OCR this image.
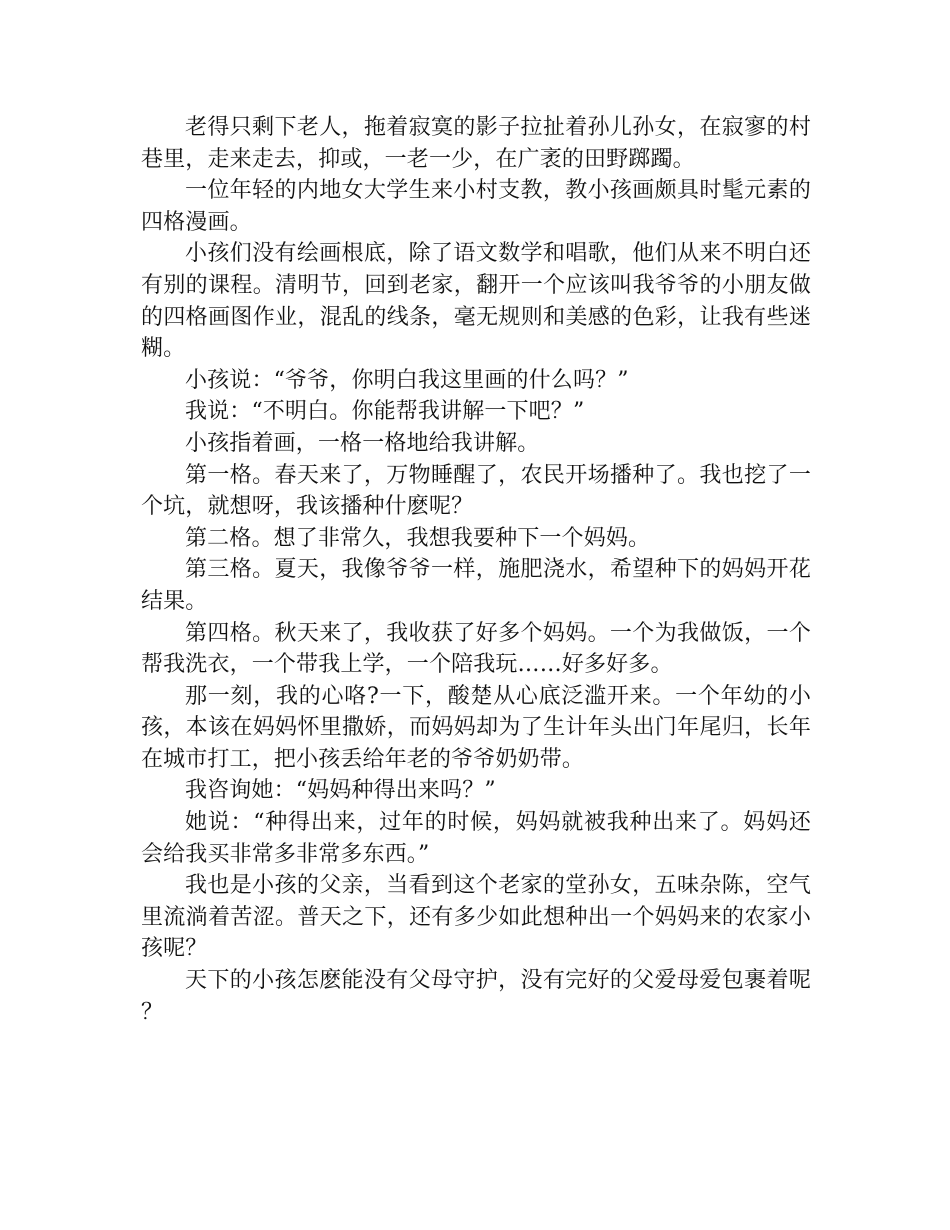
老得只剩下老人，拖着寂寞的影子拉扯着孙儿孙女，在寂寥的村巷里，走来走去，抑或，一老一少，在广袤的田野踯躅。

一位年轻的内地女大学生来小村支教，教小孩画颇具时髦元素的四格漫画。

小孩们没有绘画根底，除了语文数学和唱歌，他们从来不明白还有别的课程。清明节，回到老家，翻开一个应该叫我爷爷的小朋友做的四格画图作业，混乱的线条，毫无规则和美感的色彩，让我有些迷糊。

小孩说：“爷爷，你明白我这里画的什么吗？”

我说：“不明白。你能帮我讲解一下吧？”

小孩指着画，一格一格地给我讲解。

第一格。春天来了，万物睡醒了，农民开场播种了。我也挖了一个坑，就想呀，我该播种什麽呢？

第二格。想了非常久，我想我要种下一个妈妈。

第三格。夏天，我像爷爷一样，施肥浇水，希望种下的妈妈开花结果。

第四格。秋天来了，我收获了好多个妈妈。一个为我做饭，一个帮我洗衣，一个带我上学，一个陪我玩……好多好多。

那一刻，我的心咯?一下，酸楚从心底泛滥开来。一个年幼的小孩，本该在妈妈怀里撒娇，而妈妈却为了生计年头出门年尾归，长年在城市打工，把小孩丢给年老的爷爷奶奶带。

我咨询她：“妈妈种得出来吗？”

她说：“种得出来，过年的时候，妈妈就被我种出来了。妈妈还会给我买非常多非常多东西。”

我也是小孩的父亲，当看到这个老家的堂孙女，五味杂陈，空气里流淌着苦涩。普天之下，还有多少如此想种出一个妈妈来的农家小孩呢？

天下的小孩怎麽能没有父母守护，没有完好的父爱母爱包裹着呢？
